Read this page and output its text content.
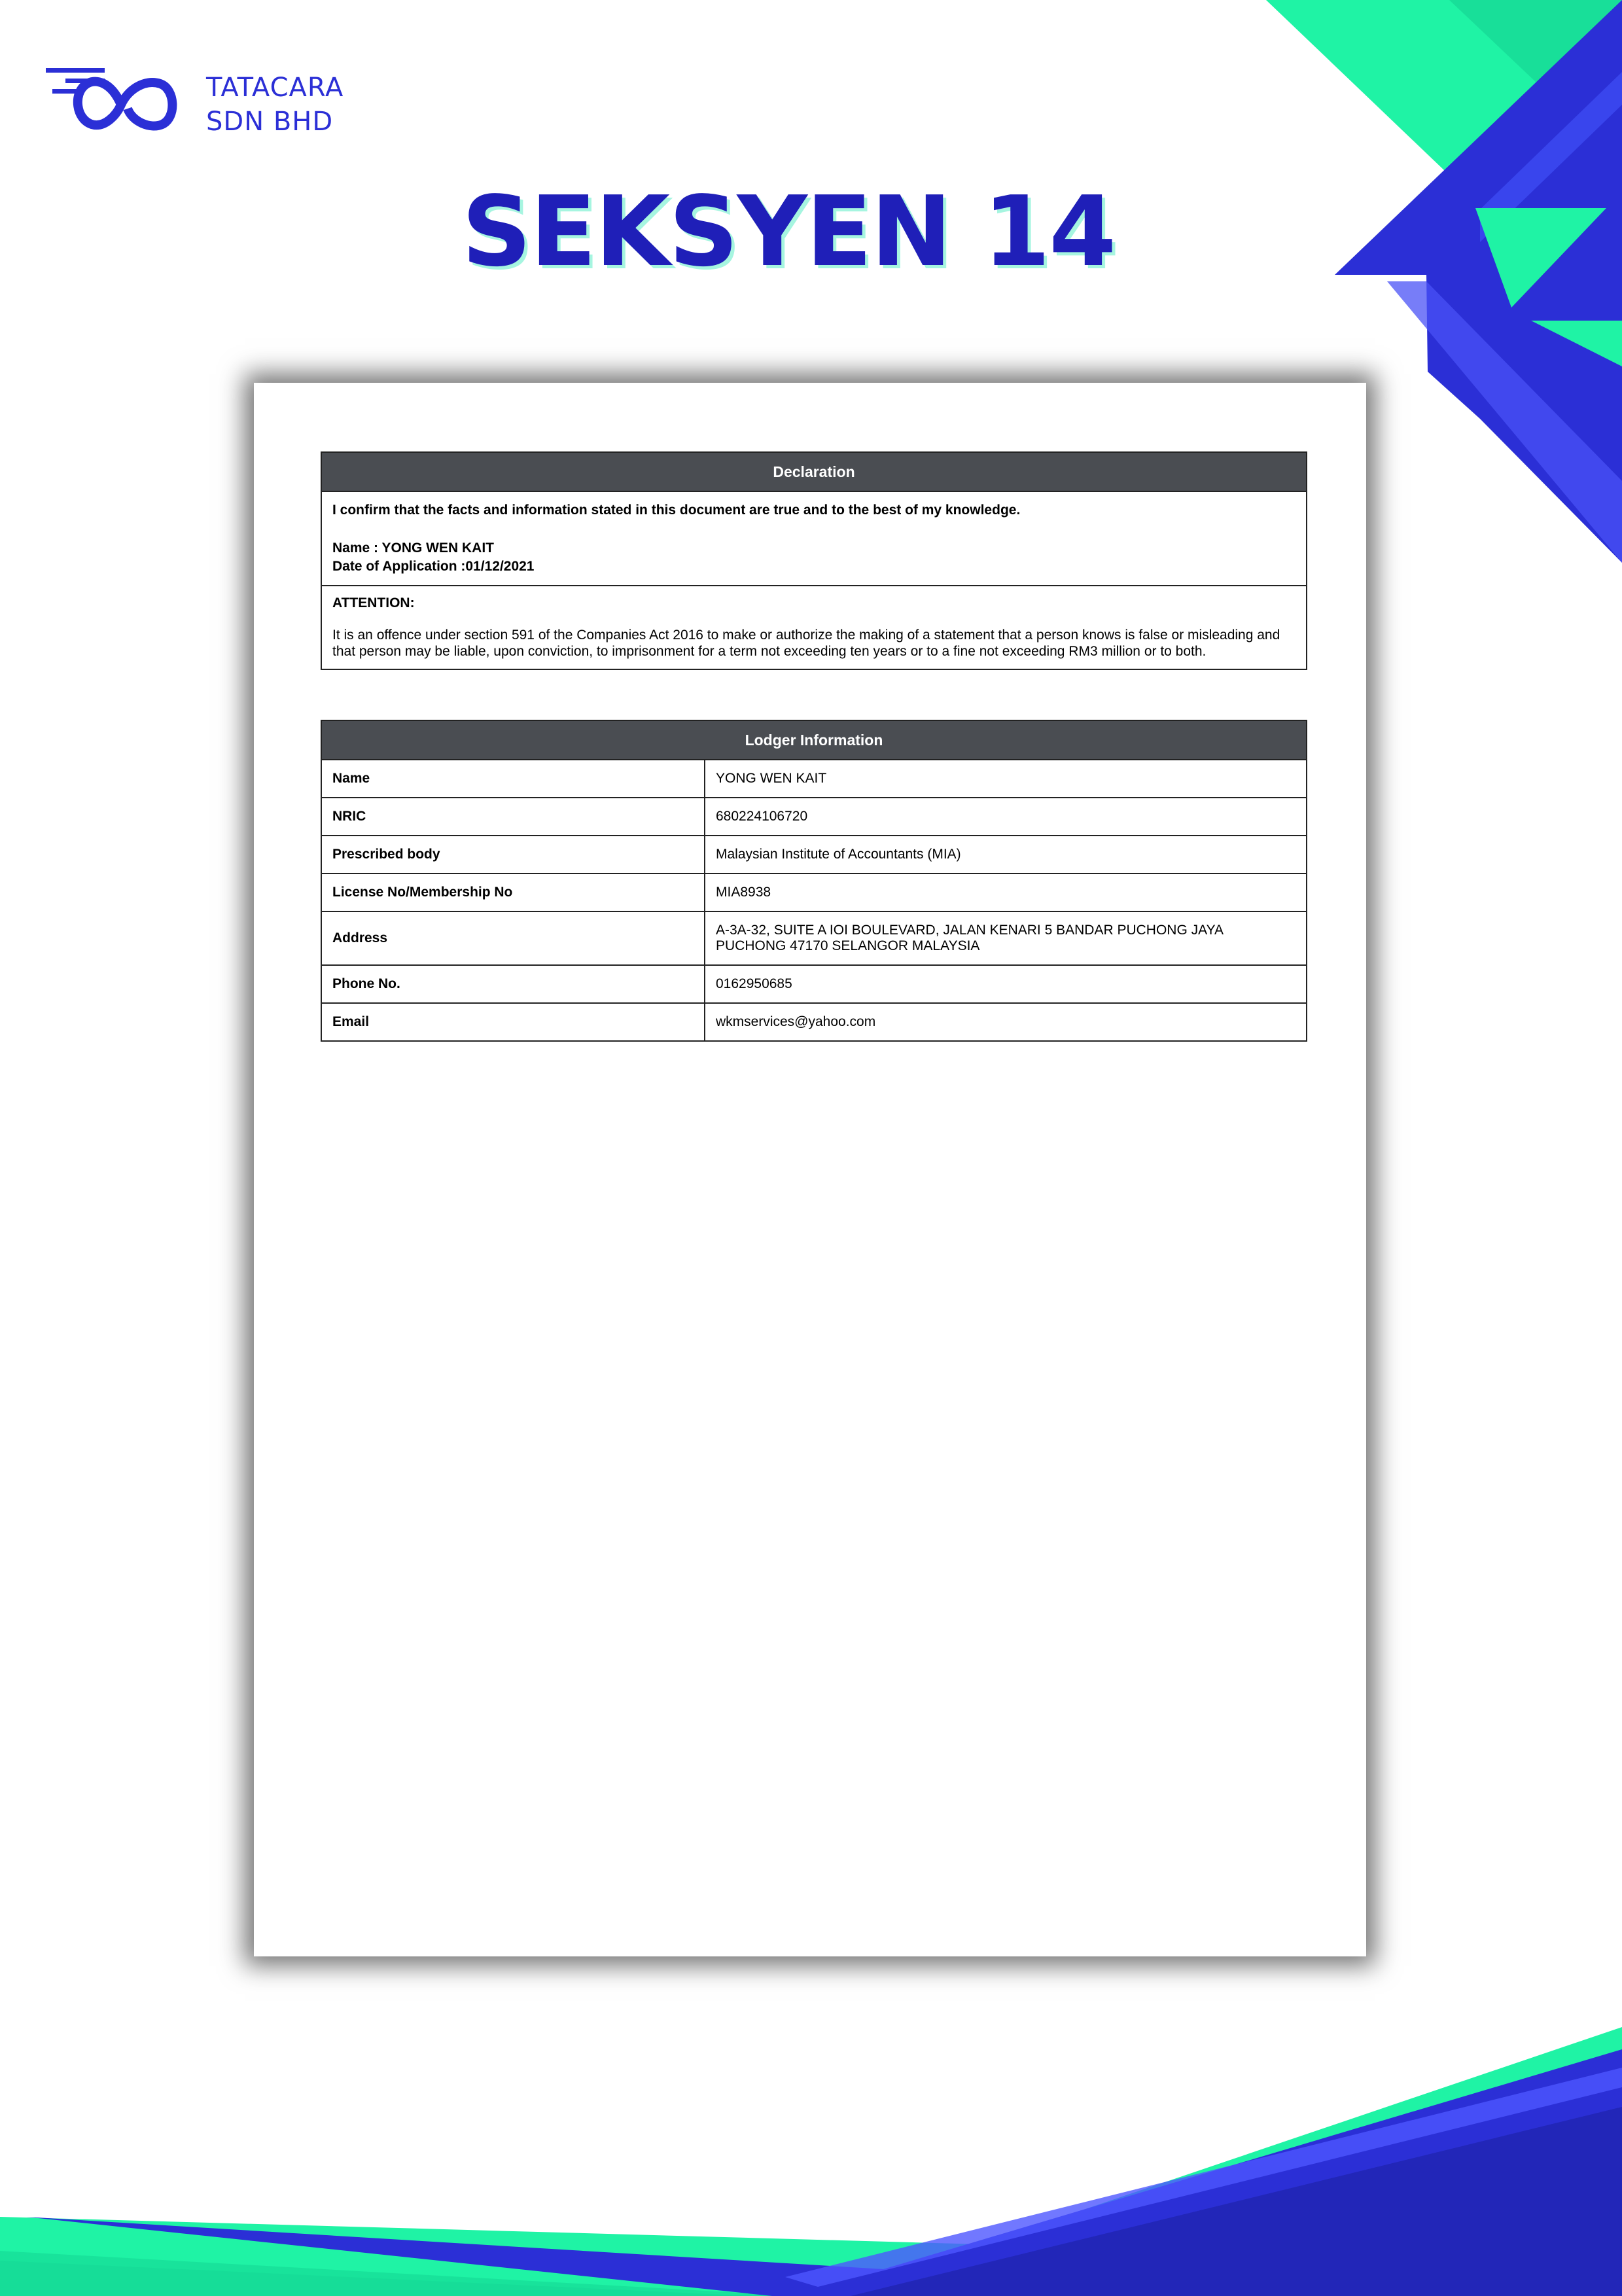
TATACARA
SDN BHD
SEKSYEN 14
Declaration

I confirm that the facts and information stated in this document are true and to the best of my knowledge.

Name : YONG WEN KAIT

Date of Application :01/12/2021

ATTENTION:
It is an offence under section 591 of the Companies Act 2016 to make or authorize the making of a statement that a person knows is false or misleading and that person may be liable, upon conviction, to imprisonment for a term not exceeding ten years or to a fine not exceeding RM3 million or to both.
Lodger Information
Name	YONG WEN KAIT
NRIC	680224106720
Prescribed body	Malaysian Institute of Accountants (MIA)
License No/Membership No	MIA8938
Address	A-3A-32, SUITE A IOI BOULEVARD, JALAN KENARI 5 BANDAR PUCHONG JAYA PUCHONG 47170 SELANGOR MALAYSIA
Phone No.	0162950685
Email	wkmservices@yahoo.com
